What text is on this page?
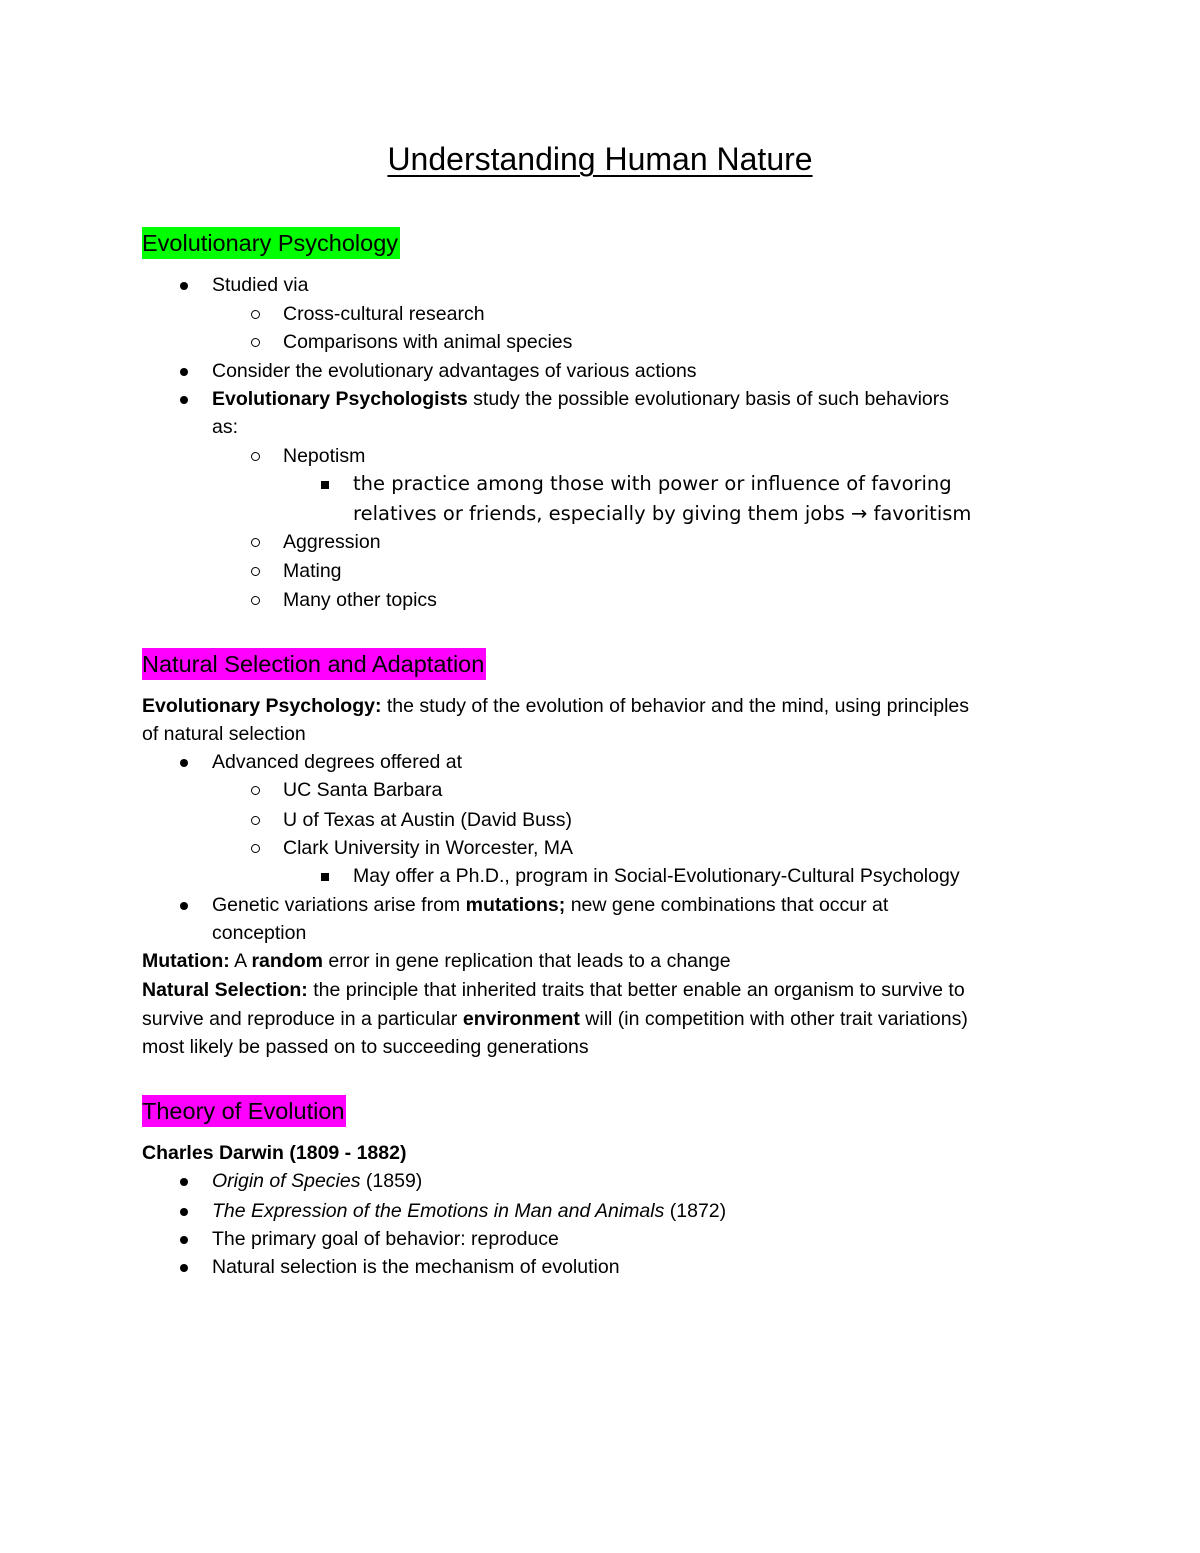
Understanding Human Nature
Evolutionary Psychology
Studied via
Cross-cultural research
Comparisons with animal species
Consider the evolutionary advantages of various actions
Evolutionary Psychologists study the possible evolutionary basis of such behaviors
as:
Nepotism
the practice among those with power or influence of favoring
relatives or friends, especially by giving them jobs → favoritism
Aggression
Mating
Many other topics
Natural Selection and Adaptation
Evolutionary Psychology: the study of the evolution of behavior and the mind, using principles
of natural selection
Advanced degrees offered at
UC Santa Barbara
U of Texas at Austin (David Buss)
Clark University in Worcester, MA
May offer a Ph.D., program in Social-Evolutionary-Cultural Psychology
Genetic variations arise from mutations; new gene combinations that occur at
conception
Mutation: A random error in gene replication that leads to a change
Natural Selection: the principle that inherited traits that better enable an organism to survive to
survive and reproduce in a particular environment will (in competition with other trait variations)
most likely be passed on to succeeding generations
Theory of Evolution
Charles Darwin (1809 - 1882)
Origin of Species (1859)
The Expression of the Emotions in Man and Animals (1872)
The primary goal of behavior: reproduce
Natural selection is the mechanism of evolution
